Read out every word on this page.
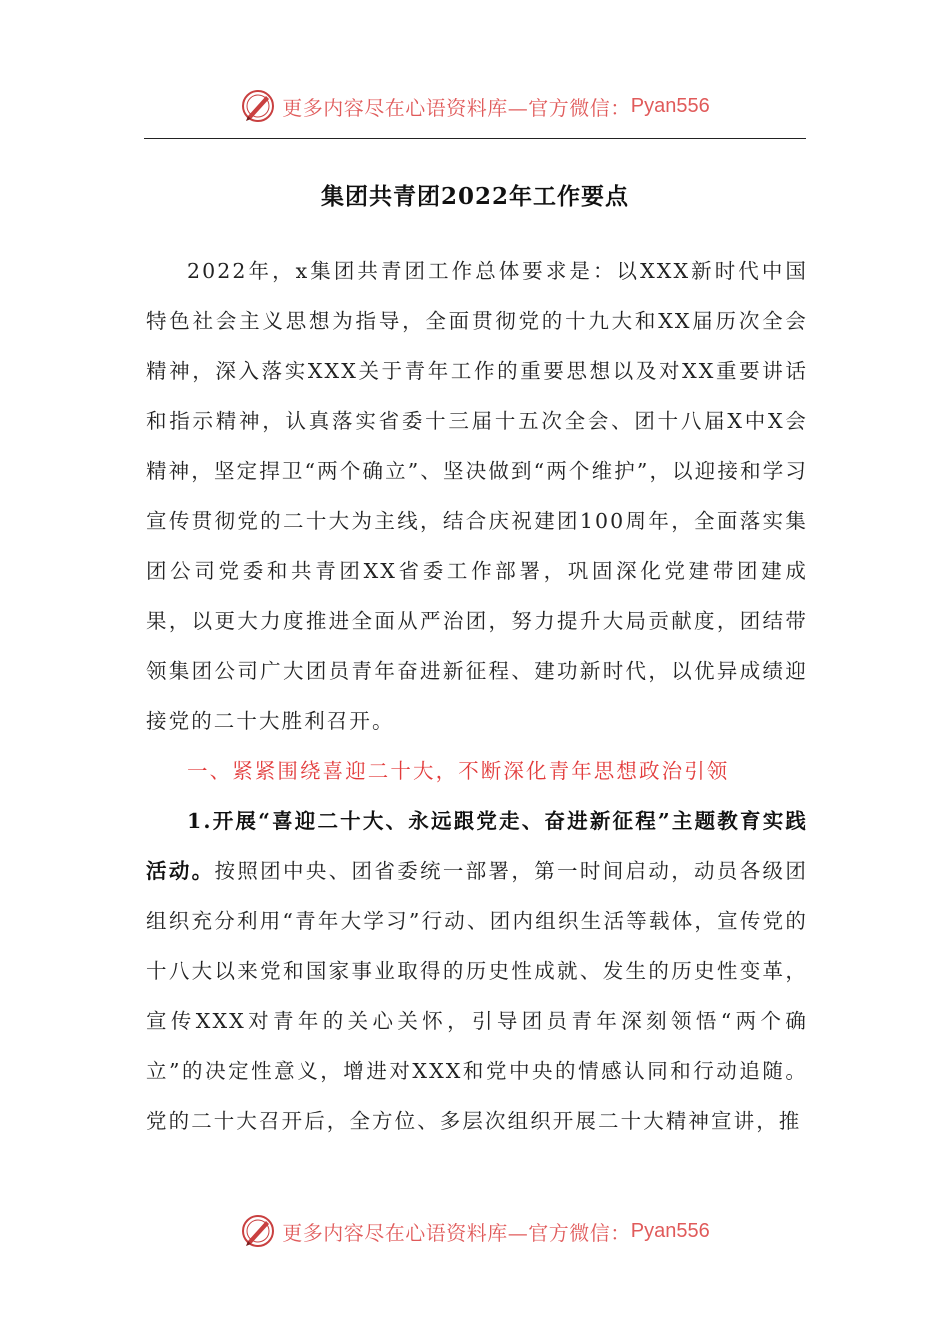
更多内容尽在心语资料库—官方微信： Pyan556
集团共青团2022年工作要点

2022年，x集团共青团工作总体要求是：以XXX新时代中国特色社会主义思想为指导，全面贯彻党的十九大和XX届历次全会精神，深入落实XXX关于青年工作的重要思想以及对XX重要讲话和指示精神，认真落实省委十三届十五次全会、团十八届X中X会精神，坚定捍卫“两个确立”、坚决做到“两个维护”，以迎接和学习宣传贯彻党的二十大为主线，结合庆祝建团100周年，全面落实集团公司党委和共青团XX省委工作部署，巩固深化党建带团建成果，以更大力度推进全面从严治团，努力提升大局贡献度，团结带领集团公司广大团员青年奋进新征程、建功新时代，以优异成绩迎接党的二十大胜利召开。

一、紧紧围绕喜迎二十大，不断深化青年思想政治引领

1.开展“喜迎二十大、永远跟党走、奋进新征程”主题教育实践活动。按照团中央、团省委统一部署，第一时间启动，动员各级团组织充分利用“青年大学习”行动、团内组织生活等载体，宣传党的十八大以来党和国家事业取得的历史性成就、发生的历史性变革，宣传XXX对青年的关心关怀，引导团员青年深刻领悟“两个确立”的决定性意义，增进对XXX和党中央的情感认同和行动追随。党的二十大召开后，全方位、多层次组织开展二十大精神宣讲，推

更多内容尽在心语资料库—官方微信： Pyan556
